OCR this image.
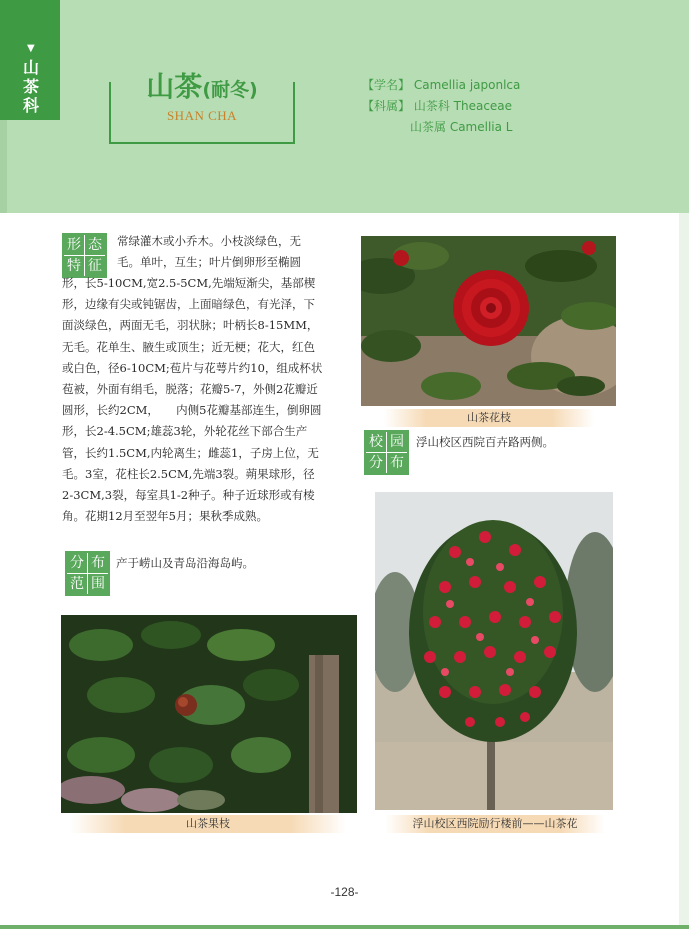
▼
山茶科
山茶(耐冬)
SHAN CHA
【学名】 Camellia japonlca
【科属】 山茶科 Theaceae
山茶属 Camellia L
形 态
特 征
常绿灌木或小乔木。小枝淡绿色，无
毛。单叶，互生；叶片倒卵形至椭圆
形，长5-10CM,宽2.5-5CM,先端短渐尖，基部楔
形，边缘有尖或钝锯齿，上面暗绿色，有光泽，下
面淡绿色，两面无毛，羽状脉；叶柄长8-15MM，
无毛。花单生、腋生或顶生；近无梗；花大，红色
或白色，径6-10CM;苞片与花萼片约10，组成杯状
苞被，外面有绢毛，脱落；花瓣5-7，外侧2花瓣近
圆形，长约2CM，　　内侧5花瓣基部连生，倒卵圆
形，长2-4.5CM;雄蕊3轮，外轮花丝下部合生产
管，长约1.5CM,内轮离生；雌蕊1，子房上位，无
毛。3室，花柱长2.5CM,先端3裂。蒴果球形，径
2-3CM,3裂，每室具1-2种子。种子近球形或有棱
角。花期12月至翌年5月；果秋季成熟。
分 布
范 围
产于崂山及青岛沿海岛屿。
校 园
分 布
浮山校区西院百卉路两侧。
山茶花枝
山茶果枝	浮山校区西院励行楼前——山茶花
-128-
